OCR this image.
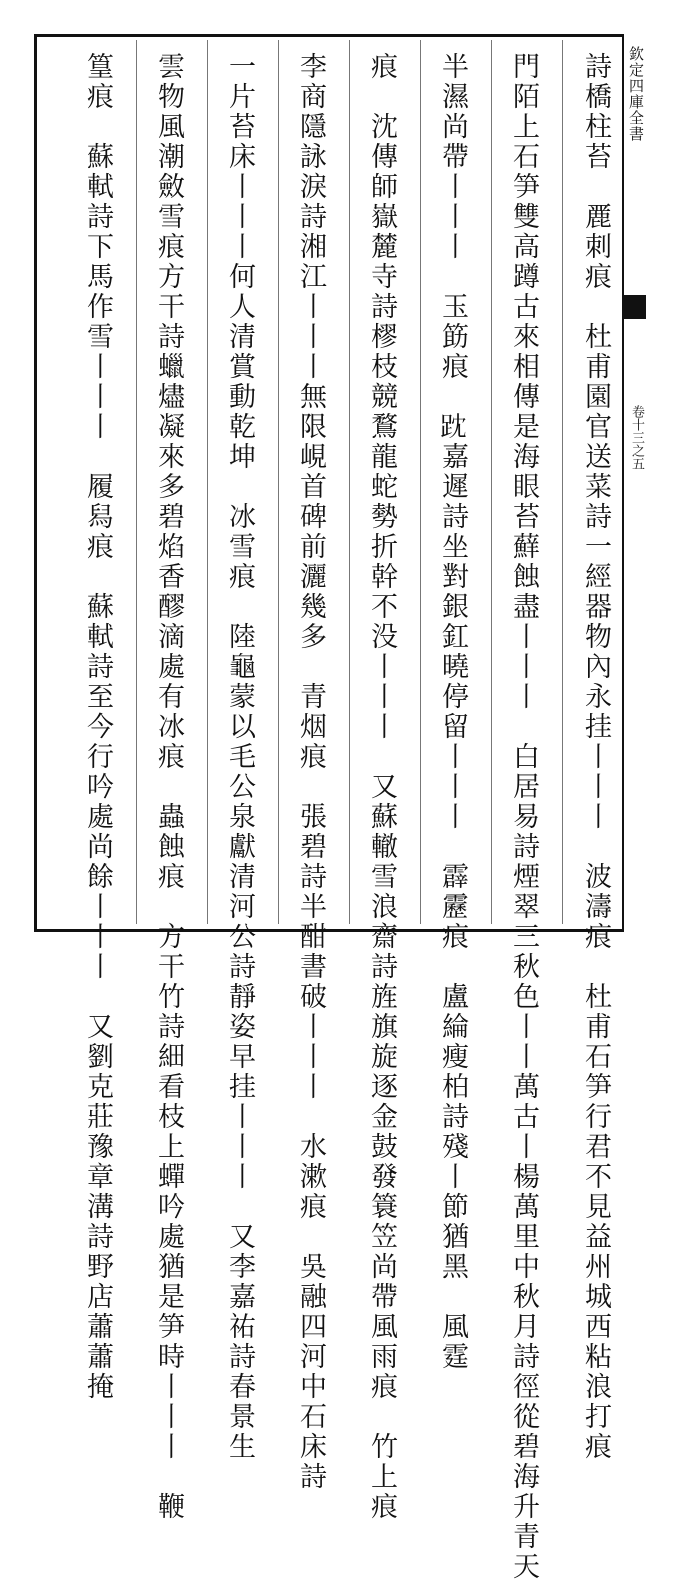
欽定四庫全書
卷十三之五
詩橋柱苔　䴡刺痕　杜甫園官送菜詩一經器物內永挂丨丨丨　波濤痕　杜甫石笋行君不見益州城西粘浪打痕
門陌上石笋雙高蹲古來相傳是海眼苔蘚蝕盡丨丨丨　白居易詩煙翠三秋色丨丨萬古丨楊萬里中秋月詩徑從碧海升青天
半濕尚帶丨丨丨　玉筯痕　𧿒嘉遲詩坐對銀釭曉停留丨丨丨　霹靂痕　盧綸瘦柏詩殘丨節猶黑　風霆
痕　沈傳師嶽麓寺詩樛枝競鶩龍蛇勢折幹不没丨丨丨　又蘇轍雪浪齋詩旌旗旋逐金鼓發簑笠尚帶風雨痕　竹上痕
李商隱詠淚詩湘江丨丨丨無限峴首碑前灑幾多　青烟痕　張碧詩半酣書破丨丨丨　水漱痕　吳融四河中石床詩
一片苔床丨丨丨何人清賞動乾坤　冰雪痕　陸龜蒙以毛公泉獻清河公詩靜姿早挂丨丨丨　又李嘉祐詩春景生
雲物風潮斂雪痕方干詩蠟燼凝來多碧焰香醪滴處有冰痕　蟲蝕痕　方干竹詩細看枝上蟬吟處猶是笋時丨丨丨　鞭
篁痕　蘇軾詩下馬作雪丨丨丨　履舄痕　蘇軾詩至今行吟處尚餘丨丨丨　又劉克莊豫章溝詩野店蕭蕭掩
